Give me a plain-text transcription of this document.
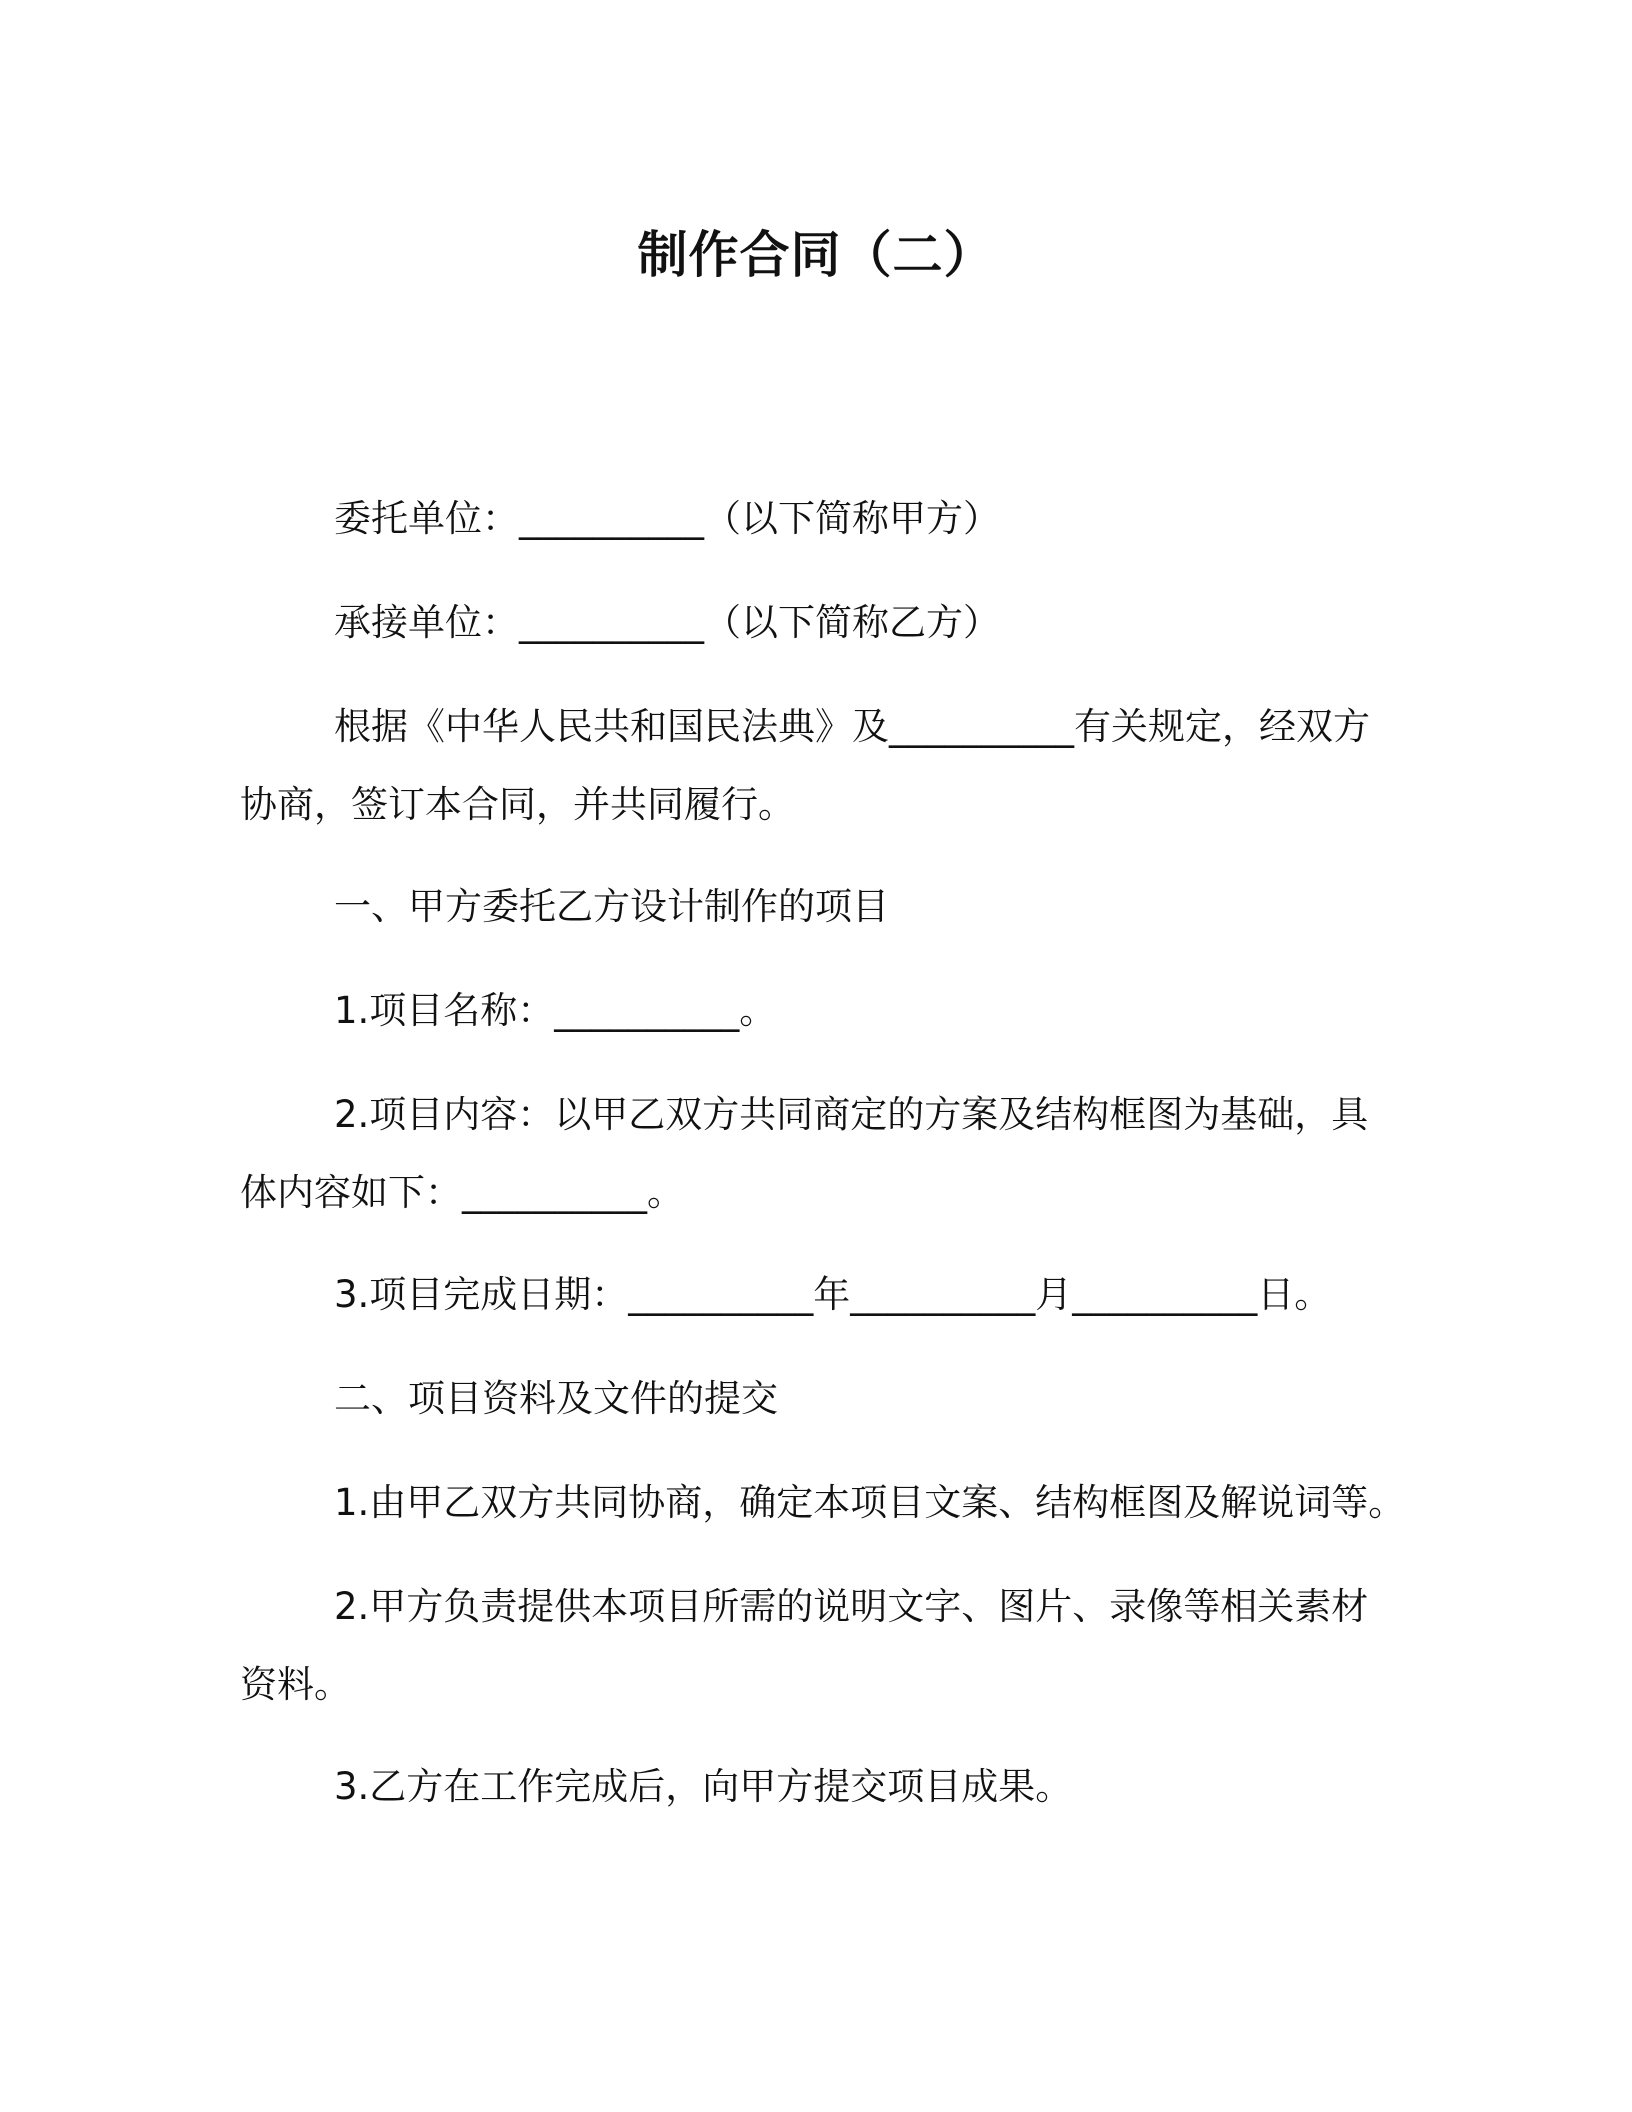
制作合同（二）

委托单位：__________（以下简称甲方）

承接单位：__________（以下简称乙方）

根据《中华人民共和国民法典》及__________有关规定，经双方
协商，签订本合同，并共同履行。

一、甲方委托乙方设计制作的项目

1.项目名称：__________。

2.项目内容：以甲乙双方共同商定的方案及结构框图为基础，具
体内容如下：__________。

3.项目完成日期：__________年__________月__________日。

二、项目资料及文件的提交

1.由甲乙双方共同协商，确定本项目文案、结构框图及解说词等。

2.甲方负责提供本项目所需的说明文字、图片、录像等相关素材
资料。

3.乙方在工作完成后，向甲方提交项目成果。
